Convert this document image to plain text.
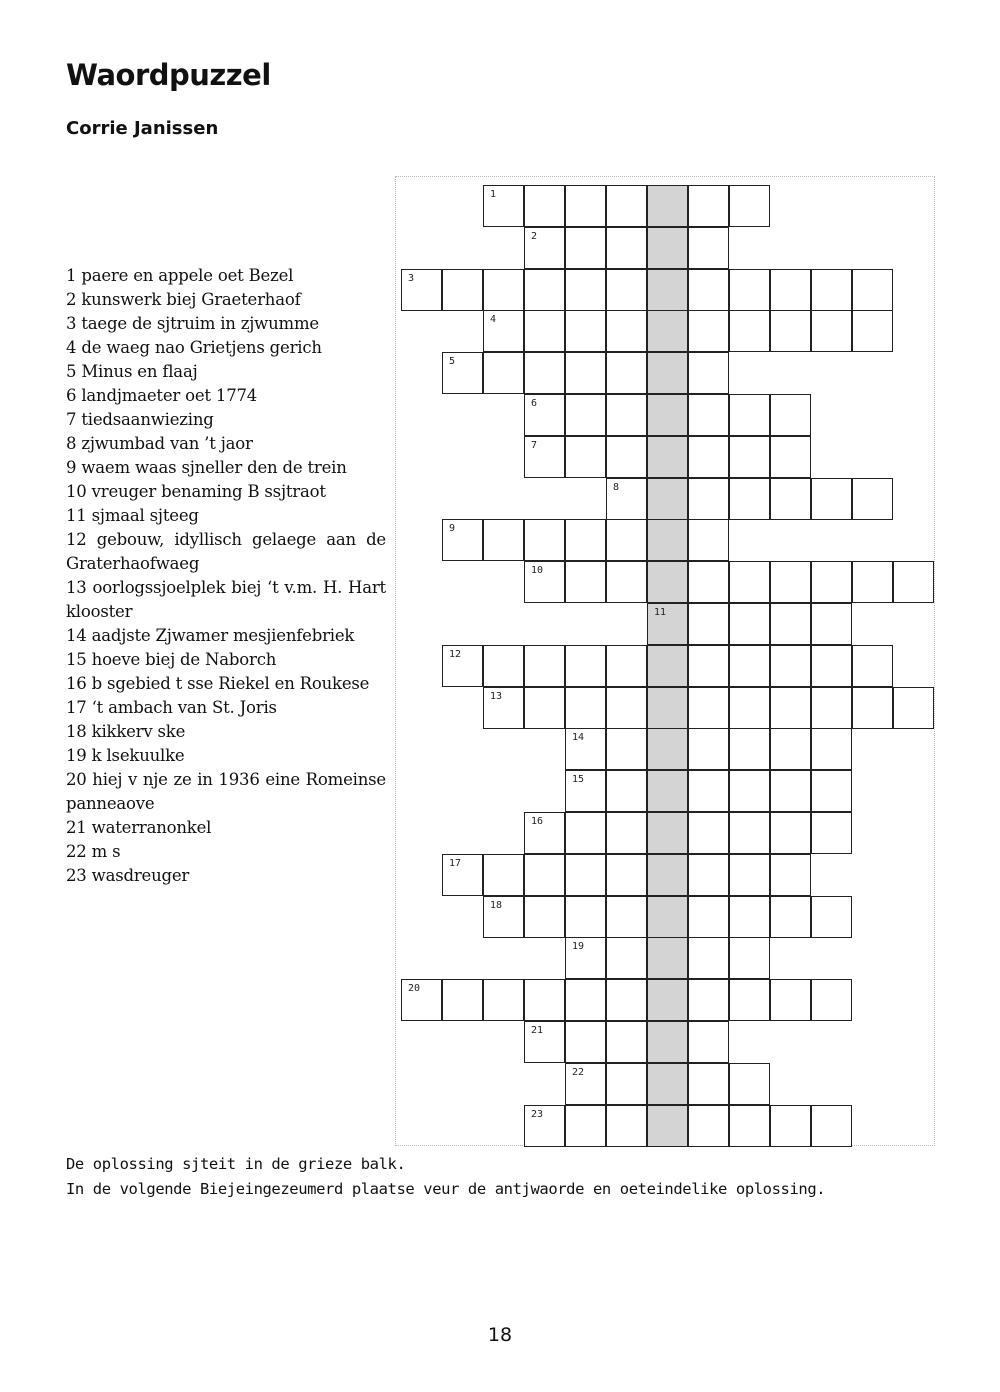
Waordpuzzel
Corrie Janissen
1 paere en appele oet Bezel
2 kunswerk biej Graeterhaof
3 taege de sjtruim in zjwumme
4 de waeg nao Grietjens gerich
5 Minus en flaaj
6 landjmaeter oet 1774
7 tiedsaanwiezing
8 zjwumbad van ’t jaor
9 waem waas sjneller den de trein
10 vreuger benaming B ssjtraot
11 sjmaal sjteeg
12 gebouw, idyllisch gelaege aan de Graterhaofwaeg
13 oorlogssjoelplek biej ‘t v.m. H. Hart klooster
14 aadjste Zjwamer mesjienfebriek
15 hoeve biej de Naborch
16 b sgebied t sse Riekel en Roukese
17 ‘t ambach van St. Joris
18 kikkerv ske
19 k lsekuulke
20 hiej v nje ze in 1936 eine Romeinse panneaove
21 waterranonkel
22 m s
23 wasdreuger
1
2
3
4
5
6
7
8
9
10
11
12
13
14
15
16
17
18
19
20
21
22
23
De oplossing sjteit in de grieze balk.
In de volgende Biejeingezeumerd plaatse veur de antjwaorde en oeteindelike oplossing.

18
